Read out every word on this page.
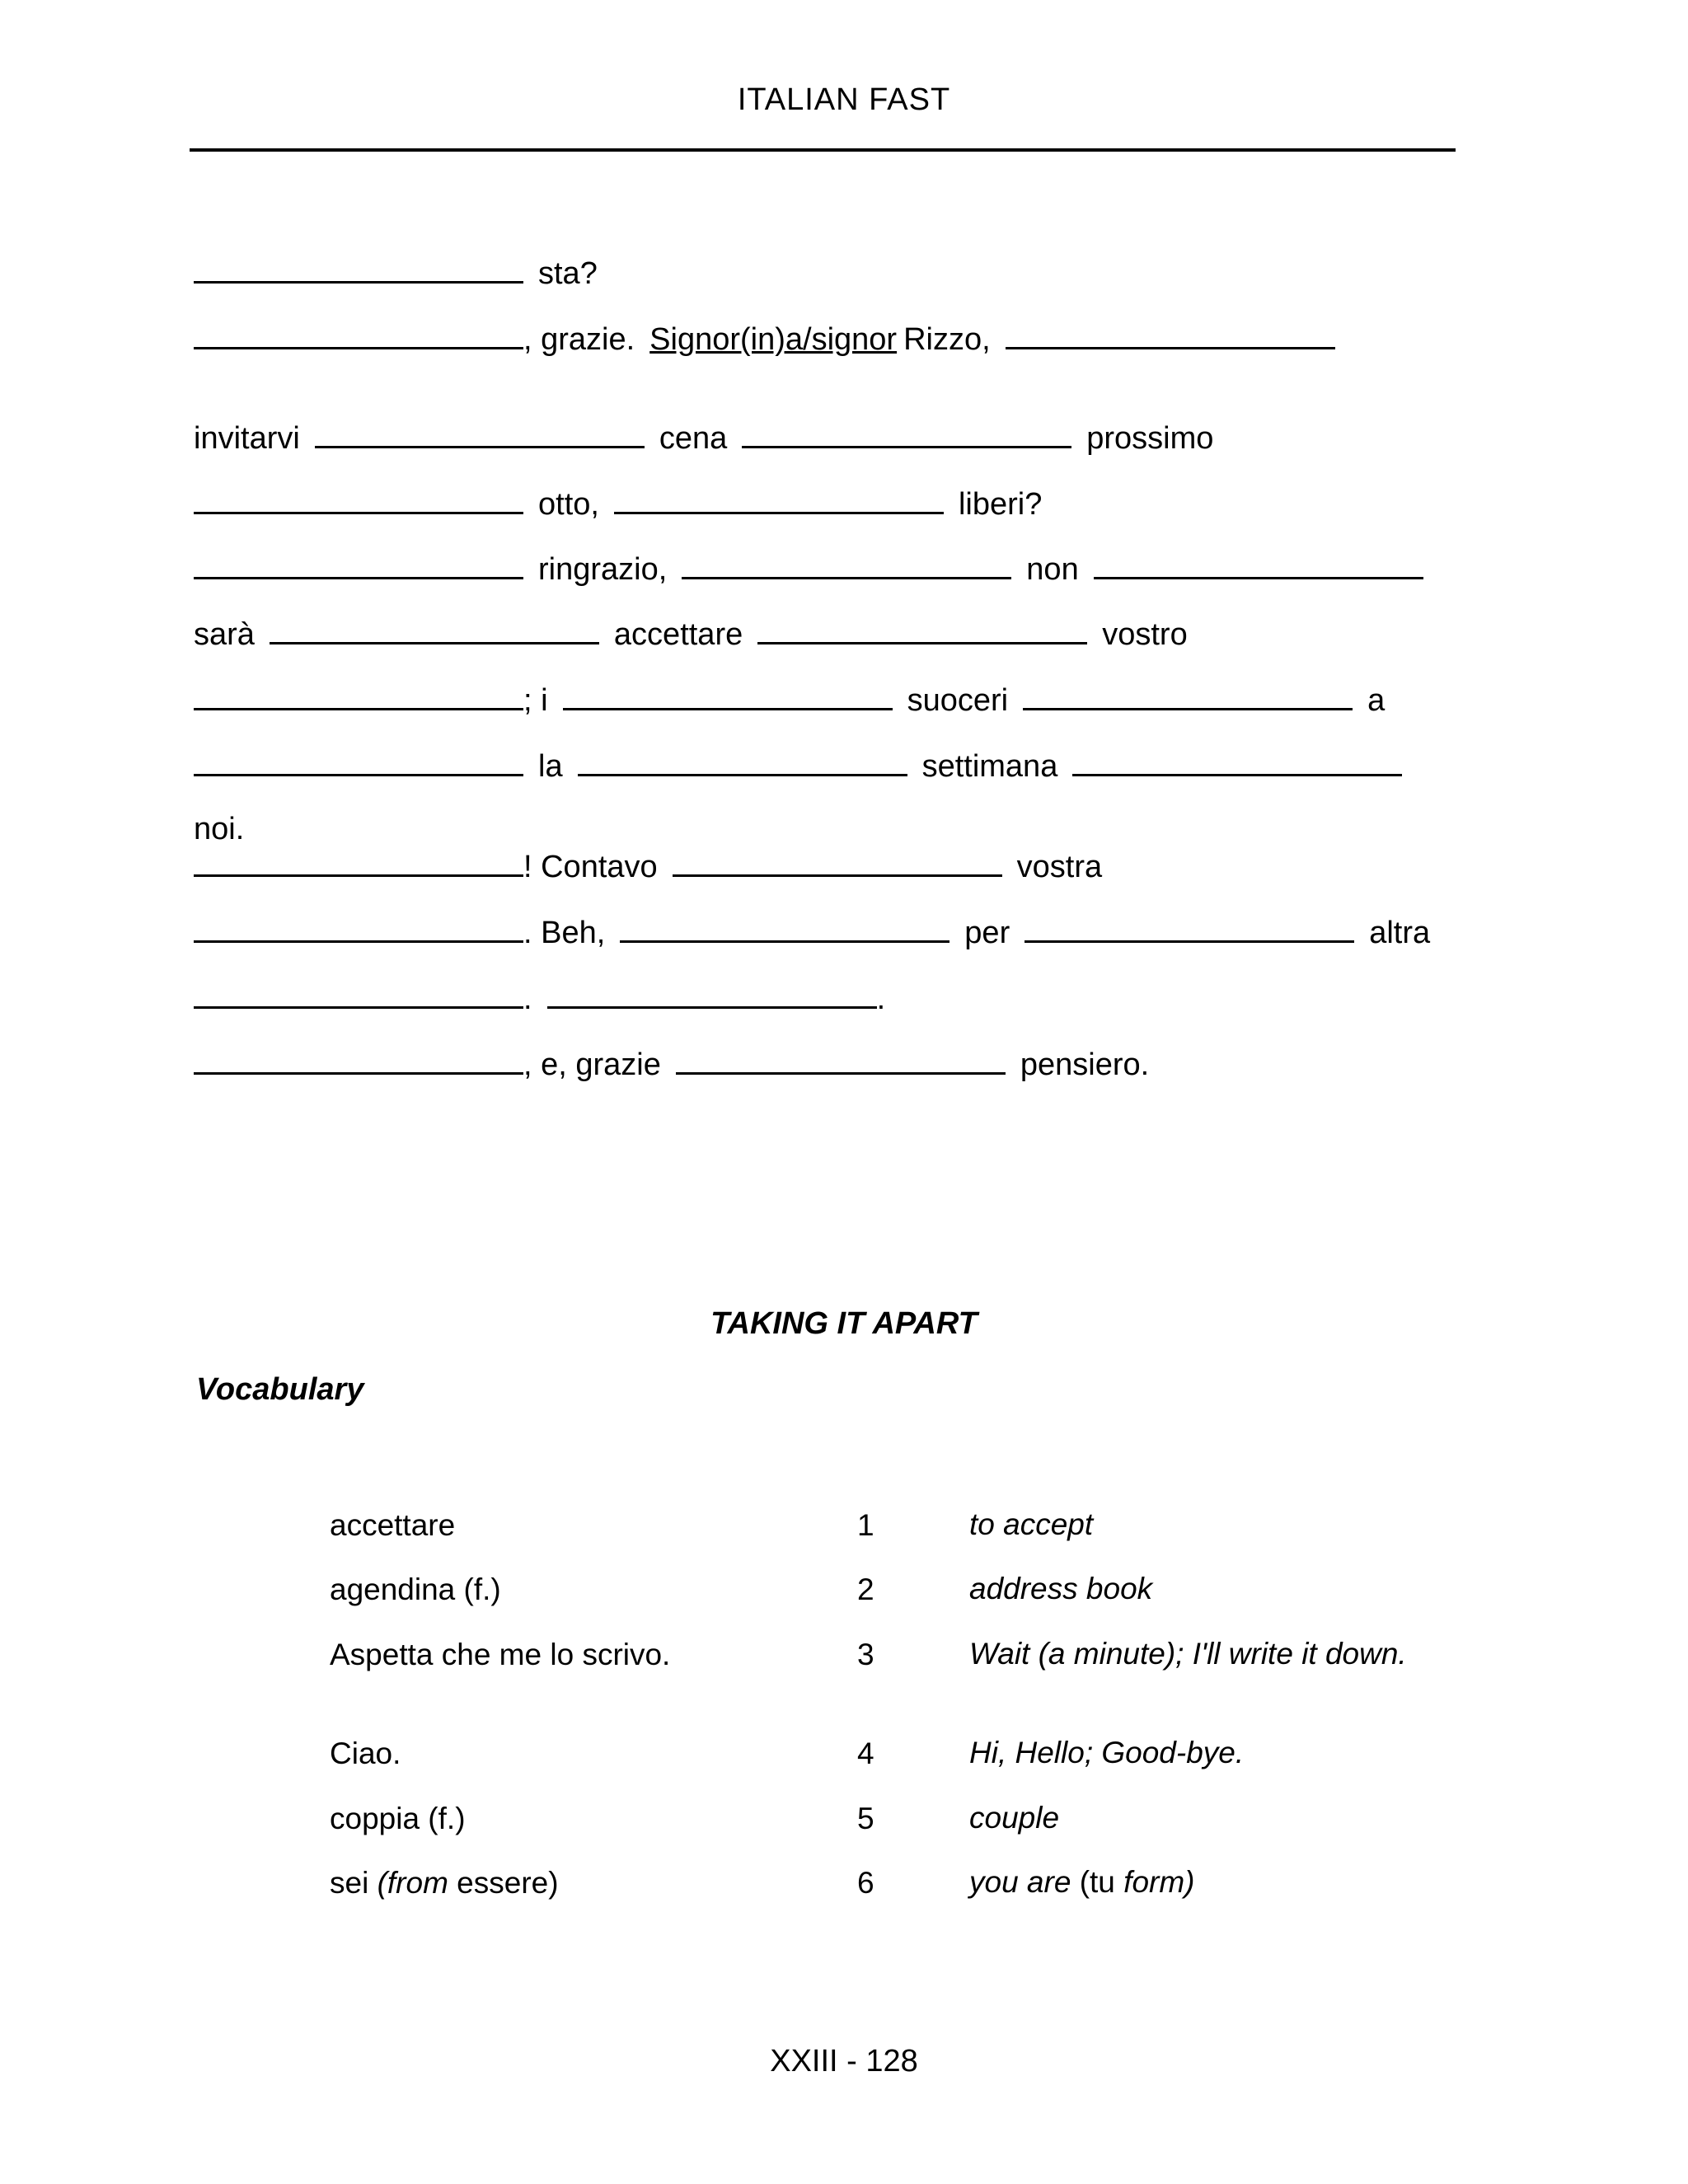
ITALIAN FAST
sta?
, grazie. Signor(in)a/signor Rizzo,
invitarvi	cena	prossimo
otto,	liberi?
ringrazio,	non
sarà	accettare	vostro
; i	suoceri	a
la	settimana
noi.
! Contavo	vostra
. Beh,	per	altra
.	.
, e, grazie	pensiero.
TAKING IT APART
Vocabulary
accettare	1	to accept
agendina (f.)	2	address book
Aspetta che me lo scrivo.	3	Wait (a minute); I'll write it down.
Ciao.	4	Hi, Hello; Good-bye.
coppia (f.)	5	couple
sei (from essere)	6	you are (tu form)
XXIII - 128
